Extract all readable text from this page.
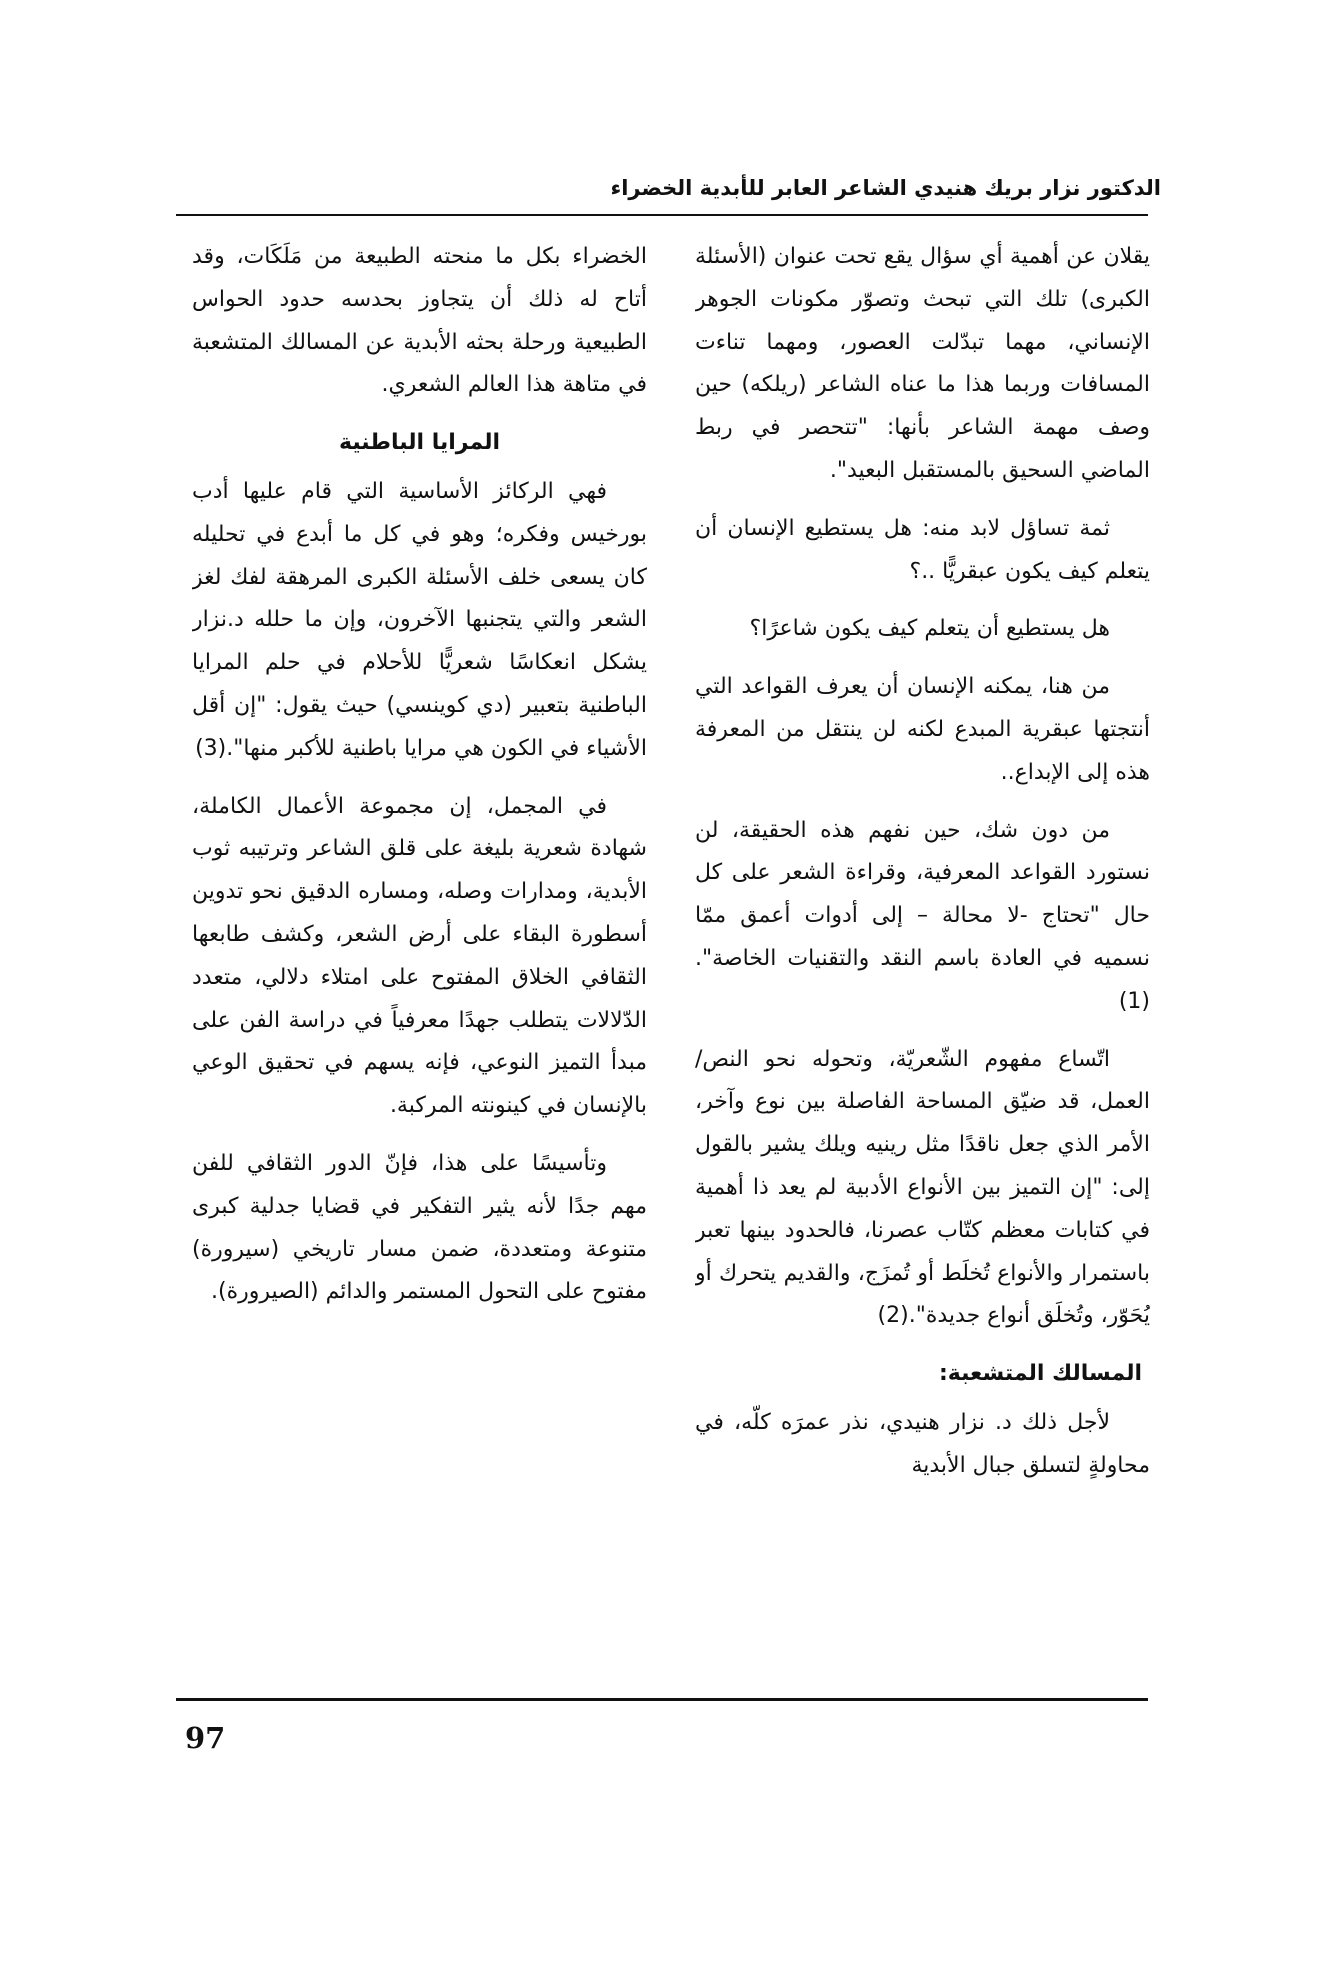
الدكتور نزار بريك هنيدي الشاعر العابر للأبدية الخضراء

يقلان عن أهمية أي سؤال يقع تحت عنوان (الأسئلة الكبرى) تلك التي تبحث وتصوّر مكونات الجوهر الإنساني، مهما تبدّلت العصور، ومهما تناءت المسافات وربما هذا ما عناه الشاعر (ريلكه) حين وصف مهمة الشاعر بأنها: "تتحصر في ربط الماضي السحيق بالمستقبل البعيد".

ثمة تساؤل لابد منه: هل يستطيع الإنسان أن يتعلم كيف يكون عبقريًّا ..؟

هل يستطيع أن يتعلم كيف يكون شاعرًا؟

من هنا، يمكنه الإنسان أن يعرف القواعد التي أنتجتها عبقرية المبدع لكنه لن ينتقل من المعرفة هذه إلى الإبداع..

من دون شك، حين نفهم هذه الحقيقة، لن نستورد القواعد المعرفية، وقراءة الشعر على كل حال "تحتاج -لا محالة – إلى أدوات أعمق ممّا نسميه في العادة باسم النقد والتقنيات الخاصة".(1)

اتّساع مفهوم الشّعريّة، وتحوله نحو النص/العمل، قد ضيّق المساحة الفاصلة بين نوع وآخر، الأمر الذي جعل ناقدًا مثل رينيه ويلك يشير بالقول إلى: "إن التميز بين الأنواع الأدبية لم يعد ذا أهمية في كتابات معظم كتّاب عصرنا، فالحدود بينها تعبر باستمرار والأنواع تُخلَط أو تُمزَج، والقديم يتحرك أو يُحَوّر، وتُخلَق أنواع جديدة".(2)

المسالك المتشعبة:

لأجل ذلك د. نزار هنيدي، نذر عمرَه كلّه، في محاولةٍ لتسلق جبال الأبدية

الخضراء بكل ما منحته الطبيعة من مَلَكَات، وقد أتاح له ذلك أن يتجاوز بحدسه حدود الحواس الطبيعية ورحلة بحثه الأبدية عن المسالك المتشعبة في متاهة هذا العالم الشعري.

المرايا الباطنية

فهي الركائز الأساسية التي قام عليها أدب بورخيس وفكره؛ وهو في كل ما أبدع في تحليله كان يسعى خلف الأسئلة الكبرى المرهقة لفك لغز الشعر والتي يتجنبها الآخرون، وإن ما حلله د.نزار يشكل انعكاسًا شعريًّا للأحلام في حلم المرايا الباطنية بتعبير (دي كوينسي) حيث يقول: "إن أقل الأشياء في الكون هي مرايا باطنية للأكبر منها".(3)

في المجمل، إن مجموعة الأعمال الكاملة، شهادة شعرية بليغة على قلق الشاعر وترتيبه ثوب الأبدية، ومدارات وصله، ومساره الدقيق نحو تدوين أسطورة البقاء على أرض الشعر، وكشف طابعها الثقافي الخلاق المفتوح على امتلاء دلالي، متعدد الدّلالات يتطلب جهدًا معرفياً في دراسة الفن على مبدأ التميز النوعي، فإنه يسهم في تحقيق الوعي بالإنسان في كينونته المركبة.

وتأسيسًا على هذا، فإنّ الدور الثقافي للفن مهم جدًا لأنه يثير التفكير في قضايا جدلية كبرى متنوعة ومتعددة، ضمن مسار تاريخي (سيرورة) مفتوح على التحول المستمر والدائم (الصيرورة).

97
